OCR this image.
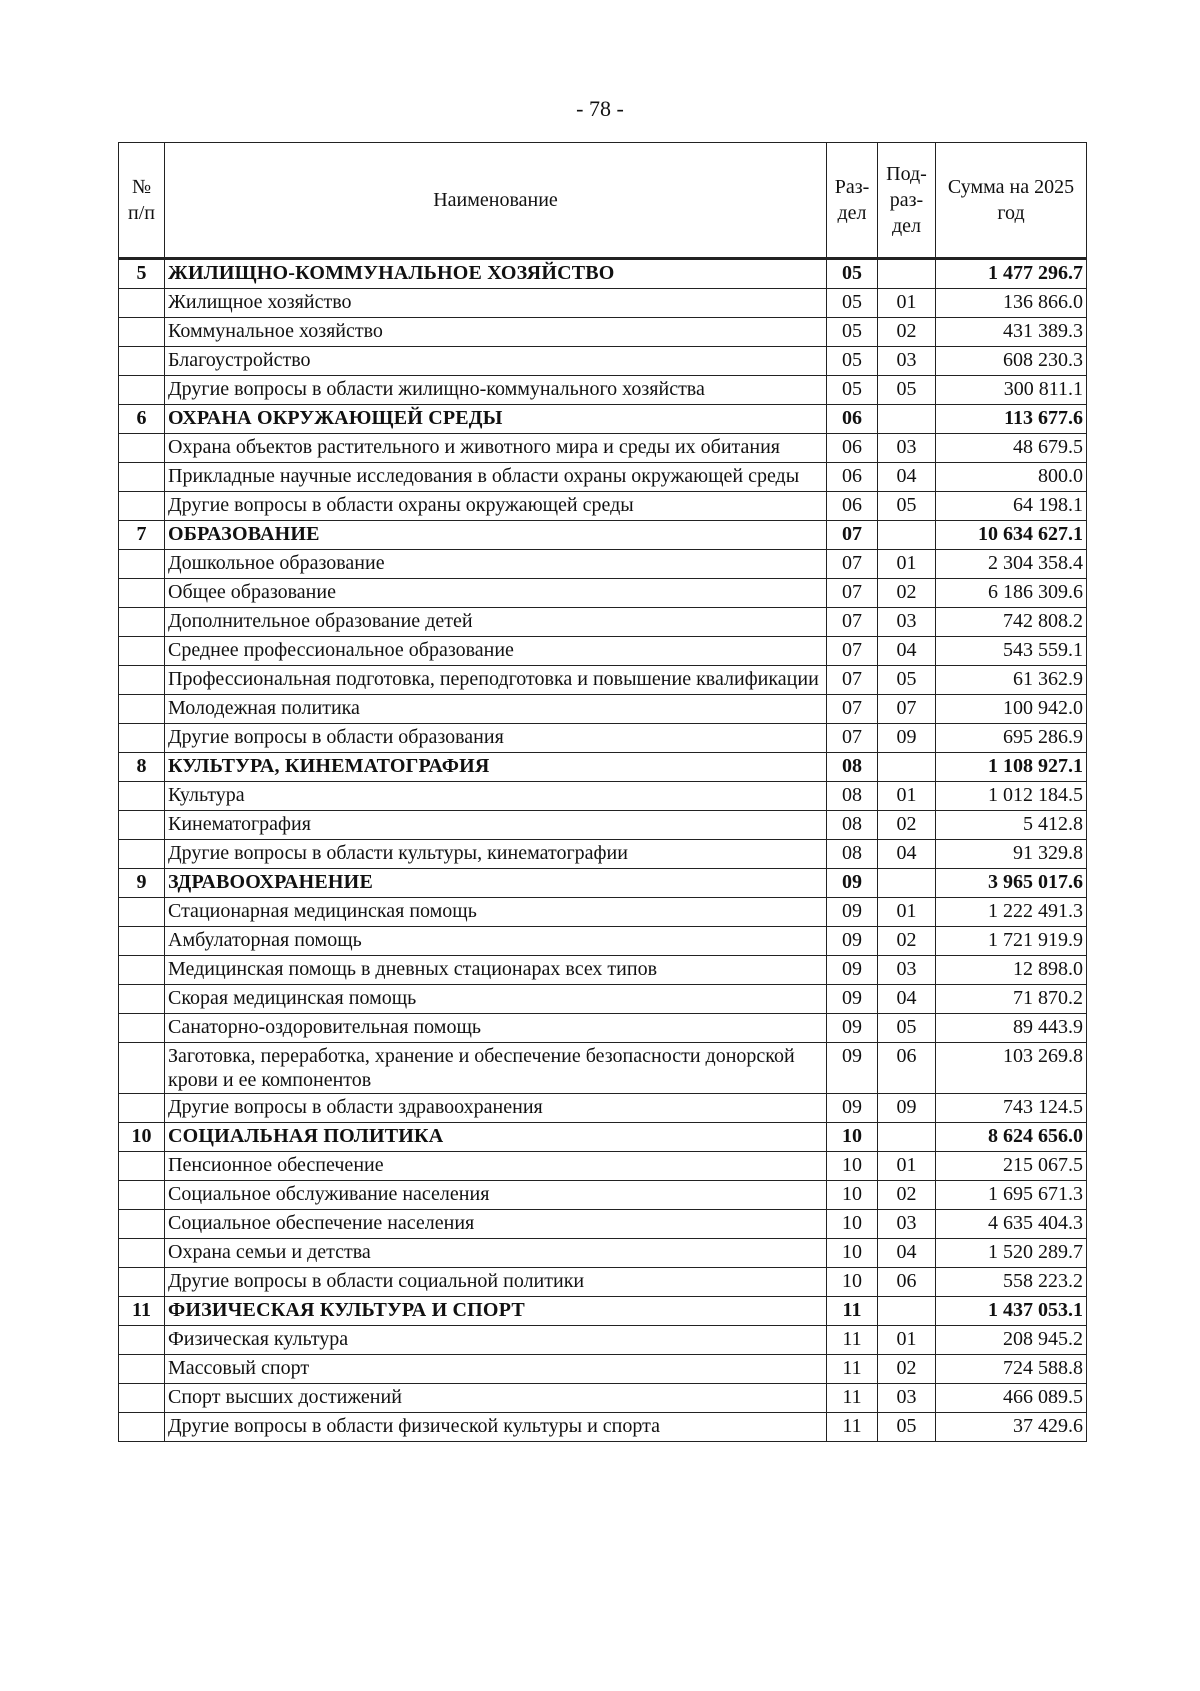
- 78 -
№ п/п	Наименование	Раз- дел	Под- раз- дел	Сумма на 2025 год
5	ЖИЛИЩНО-КОММУНАЛЬНОЕ ХОЗЯЙСТВО	05		1 477 296.7
	Жилищное хозяйство	05	01	136 866.0
	Коммунальное хозяйство	05	02	431 389.3
	Благоустройство	05	03	608 230.3
	Другие вопросы в области жилищно-коммунального хозяйства	05	05	300 811.1
6	ОХРАНА ОКРУЖАЮЩЕЙ СРЕДЫ	06		113 677.6
	Охрана объектов растительного и животного мира и среды их обитания	06	03	48 679.5
	Прикладные научные исследования в области охраны окружающей среды	06	04	800.0
	Другие вопросы в области охраны окружающей среды	06	05	64 198.1
7	ОБРАЗОВАНИЕ	07		10 634 627.1
	Дошкольное образование	07	01	2 304 358.4
	Общее образование	07	02	6 186 309.6
	Дополнительное образование детей	07	03	742 808.2
	Среднее профессиональное образование	07	04	543 559.1
	Профессиональная подготовка, переподготовка и повышение квалификации	07	05	61 362.9
	Молодежная политика	07	07	100 942.0
	Другие вопросы в области образования	07	09	695 286.9
8	КУЛЬТУРА, КИНЕМАТОГРАФИЯ	08		1 108 927.1
	Культура	08	01	1 012 184.5
	Кинематография	08	02	5 412.8
	Другие вопросы в области культуры, кинематографии	08	04	91 329.8
9	ЗДРАВООХРАНЕНИЕ	09		3 965 017.6
	Стационарная медицинская помощь	09	01	1 222 491.3
	Амбулаторная помощь	09	02	1 721 919.9
	Медицинская помощь в дневных стационарах всех типов	09	03	12 898.0
	Скорая медицинская помощь	09	04	71 870.2
	Санаторно-оздоровительная помощь	09	05	89 443.9
	Заготовка, переработка, хранение и обеспечение безопасности донорской крови и ее компонентов	09	06	103 269.8
	Другие вопросы в области здравоохранения	09	09	743 124.5
10	СОЦИАЛЬНАЯ ПОЛИТИКА	10		8 624 656.0
	Пенсионное обеспечение	10	01	215 067.5
	Социальное обслуживание населения	10	02	1 695 671.3
	Социальное обеспечение населения	10	03	4 635 404.3
	Охрана семьи и детства	10	04	1 520 289.7
	Другие вопросы в области социальной политики	10	06	558 223.2
11	ФИЗИЧЕСКАЯ КУЛЬТУРА И СПОРТ	11		1 437 053.1
	Физическая культура	11	01	208 945.2
	Массовый спорт	11	02	724 588.8
	Спорт высших достижений	11	03	466 089.5
	Другие вопросы в области физической культуры и спорта	11	05	37 429.6
